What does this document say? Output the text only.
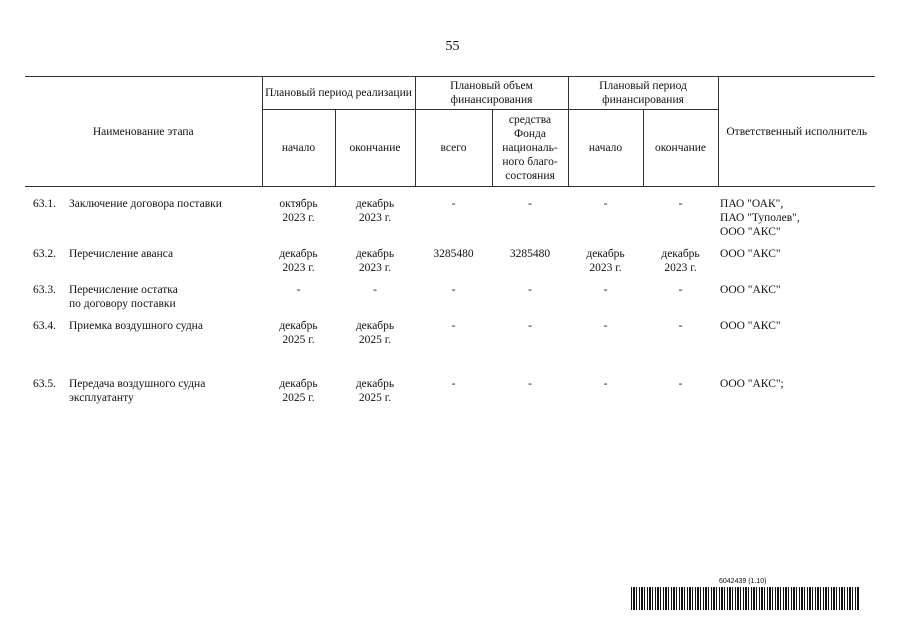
55
Наименование этапа		Плановый период реализации		Плановый объем финансирования		Плановый период финансирования		Ответственный исполнитель
		начало	окончание	всего	средства
Фонда
националь-
ного благо-
состояния	начало	окончание	

63.1.	Заключение договора поставки	октябрь
2023 г.	декабрь
2023 г.	-	-	-	-	ПАО "ОАК",
ПАО "Туполев",
ООО "АКС"

63.2.	Перечисление аванса	декабрь
2023 г.	декабрь
2023 г.	3285480	3285480	декабрь
2023 г.	декабрь
2023 г.	ООО "АКС"
63.3.	Перечисление остатка
по договору поставки	-	-	-	-	-	-	ООО "АКС"
63.4.	Приемка воздушного судна	декабрь
2025 г.	декабрь
2025 г.	-	-	-	-	ООО "АКС"
63.5.	Передача воздушного судна
эксплуатанту	декабрь
2025 г.	декабрь
2025 г.	-	-	-	-	ООО "АКС";
6042439 (1.10)
